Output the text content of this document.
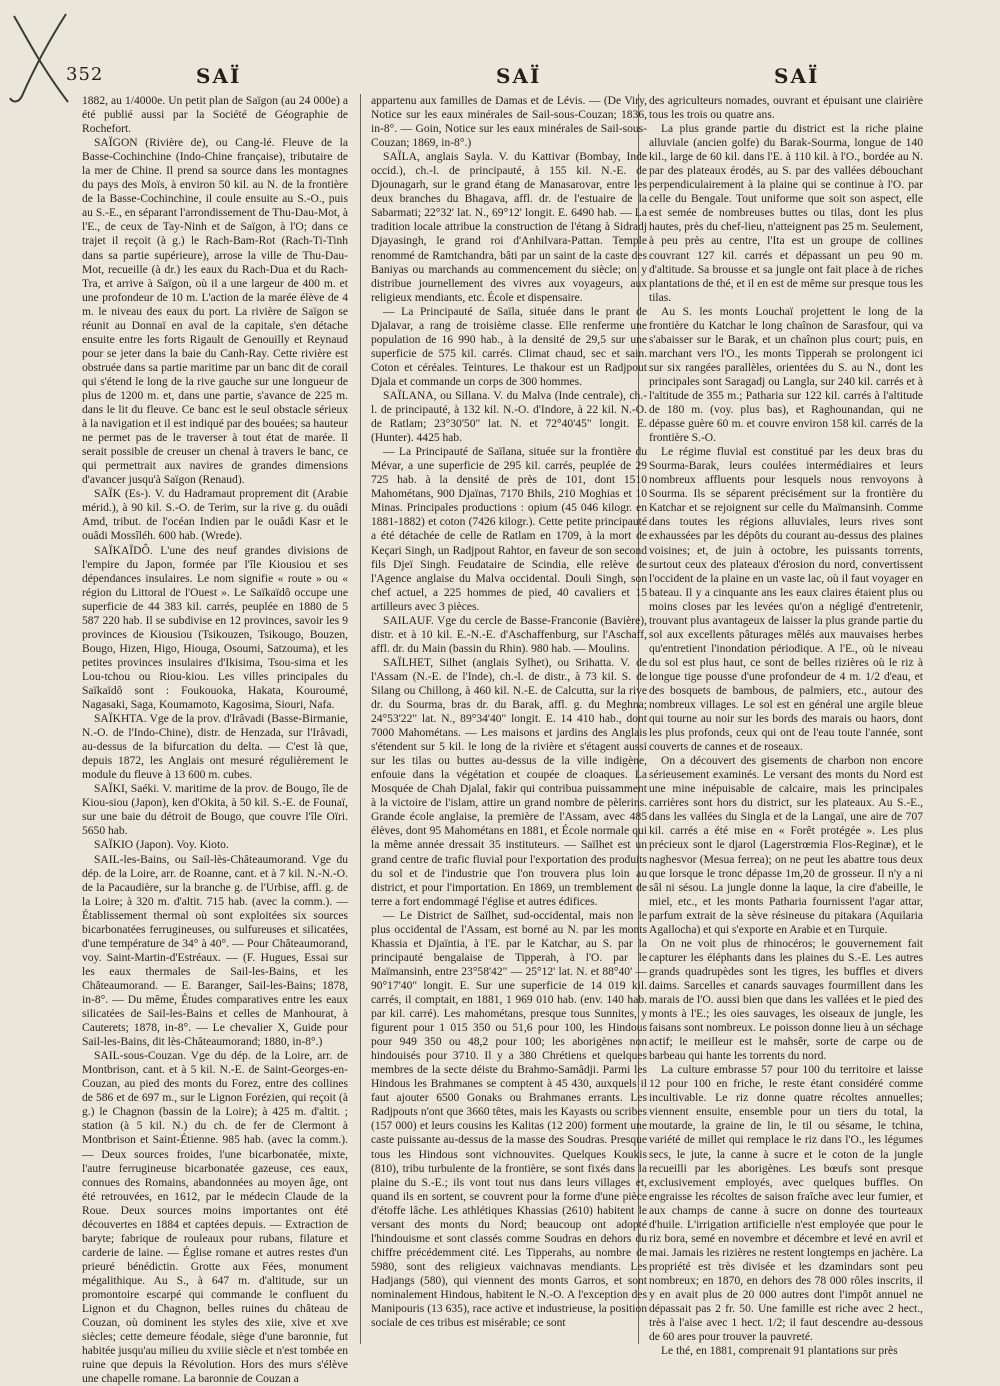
352	SAÏ	SAÏ	SAÏ

1882, au 1/4000e. Un petit plan de Saïgon (au 24 000e) a été publié aussi par la Société de Géographie de Rochefort.

SAÏGON (Rivière de), ou Cang-lé. Fleuve de la Basse-Cochinchine (Indo-Chine française), tributaire de la mer de Chine. Il prend sa source dans les montagnes du pays des Moïs, à environ 50 kil. au N. de la frontière de la Basse-Cochinchine, il coule ensuite au S.-O., puis au S.-E., en séparant l'arrondissement de Thu-Dau-Mot, à l'E., de ceux de Tay-Ninh et de Saïgon, à l'O; dans ce trajet il reçoit (à g.) le Rach-Bam-Rot (Rach-Ti-Tinh dans sa partie supérieure), arrose la ville de Thu-Dau-Mot, recueille (à dr.) les eaux du Rach-Dua et du Rach-Tra, et arrive à Saïgon, où il a une largeur de 400 m. et une profondeur de 10 m. L'action de la marée élève de 4 m. le niveau des eaux du port. La rivière de Saïgon se réunit au Donnaï en aval de la capitale, s'en détache ensuite entre les forts Rigault de Genouilly et Reynaud pour se jeter dans la baie du Canh-Ray. Cette rivière est obstruée dans sa partie maritime par un banc dit de corail qui s'étend le long de la rive gauche sur une longueur de plus de 1200 m. et, dans une partie, s'avance de 225 m. dans le lit du fleuve. Ce banc est le seul obstacle sérieux à la navigation et il est indiqué par des bouées; sa hauteur ne permet pas de le traverser à tout état de marée. Il serait possible de creuser un chenal à travers le banc, ce qui permettrait aux navires de grandes dimensions d'avancer jusqu'à Saïgon (Renaud).

SAÏK (Es-). V. du Hadramaut proprement dit (Arabie mérid.), à 90 kil. S.-O. de Terim, sur la rive g. du ouâdi Amd, tribut. de l'océan Indien par le ouâdi Kasr et le ouâdi Mossîléh. 600 hab. (Wrede).

SAÏKAÏDÔ. L'une des neuf grandes divisions de l'empire du Japon, formée par l'île Kiousiou et ses dépendances insulaires. Le nom signifie « route » ou « région du Littoral de l'Ouest ». Le Saïkaïdô occupe une superficie de 44 383 kil. carrés, peuplée en 1880 de 5 587 220 hab. Il se subdivise en 12 provinces, savoir les 9 provinces de Kiousiou (Tsikouzen, Tsikougo, Bouzen, Bougo, Hizen, Higo, Hiouga, Osoumi, Satzouma), et les petites provinces insulaires d'Ikisima, Tsou-sima et les Lou-tchou ou Riou-kiou. Les villes principales du Saïkaïdô sont : Foukouoka, Hakata, Kouroumé, Nagasaki, Saga, Koumamoto, Kagosima, Siouri, Nafa.

SAÏKHTA. Vge de la prov. d'Irâvadi (Basse-Birmanie, N.-O. de l'Indo-Chine), distr. de Henzada, sur l'Irâvadi, au-dessus de la bifurcation du delta. — C'est là que, depuis 1872, les Anglais ont mesuré régulièrement le module du fleuve à 13 600 m. cubes.

SAÏKI, Saéki. V. maritime de la prov. de Bougo, île de Kiou-siou (Japon), ken d'Okita, à 50 kil. S.-E. de Founaï, sur une baie du détroit de Bougo, que couvre l'île Oïri. 5650 hab.

SAÏKIO (Japon). Voy. Kioto.

SAIL-les-Bains, ou Sail-lès-Châteaumorand. Vge du dép. de la Loire, arr. de Roanne, cant. et à 7 kil. N.-N.-O. de la Pacaudière, sur la branche g. de l'Urbise, affl. g. de la Loire; à 320 m. d'altit. 715 hab. (avec la comm.). — Établissement thermal où sont exploitées six sources bicarbonatées ferrugineuses, ou sulfureuses et silicatées, d'une température de 34° à 40°. — Pour Châteaumorand, voy. Saint-Martin-d'Estréaux. — (F. Hugues, Essai sur les eaux thermales de Sail-les-Bains, et les Châteaumorand. — E. Baranger, Sail-les-Bains; 1878, in-8°. — Du même, Études comparatives entre les eaux silicatées de Sail-les-Bains et celles de Manhourat, à Cauterets; 1878, in-8°. — Le chevalier X, Guide pour Sail-les-Bains, dit lès-Châteaumorand; 1880, in-8°.)

SAIL-sous-Couzan. Vge du dép. de la Loire, arr. de Montbrison, cant. et à 5 kil. N.-E. de Saint-Georges-en-Couzan, au pied des monts du Forez, entre des collines de 586 et de 697 m., sur le Lignon Forézien, qui reçoit (à g.) le Chagnon (bassin de la Loire); à 425 m. d'altit. ; station (à 5 kil. N.) du ch. de fer de Clermont à Montbrison et Saint-Étienne. 985 hab. (avec la comm.). — Deux sources froides, l'une bicarbonatée, mixte, l'autre ferrugineuse bicarbonatée gazeuse, ces eaux, connues des Romains, abandonnées au moyen âge, ont été retrouvées, en 1612, par le médecin Claude de la Roue. Deux sources moins importantes ont été découvertes en 1884 et captées depuis. — Extraction de baryte; fabrique de rouleaux pour rubans, filature et carderie de laine. — Église romane et autres restes d'un prieuré bénédictin. Grotte aux Fées, monument mégalithique. Au S., à 647 m. d'altitude, sur un promontoire escarpé qui commande le confluent du Lignon et du Chagnon, belles ruines du château de Couzan, où dominent les styles des xiie, xive et xve siècles; cette demeure féodale, siège d'une baronnie, fut habitée jusqu'au milieu du xviiie siècle et n'est tombée en ruine que depuis la Révolution. Hors des murs s'élève une chapelle romane. La baronnie de Couzan a

appartenu aux familles de Damas et de Lévis. — (De Viry, Notice sur les eaux minérales de Sail-sous-Couzan; 1836, in-8°. — Goin, Notice sur les eaux minérales de Sail-sous-Couzan; 1869, in-8°.)

SAÏLA, anglais Sayla. V. du Kattivar (Bombay, Inde occid.), ch.-l. de principauté, à 155 kil. N.-E. de Djounagarh, sur le grand étang de Manasarovar, entre les deux branches du Bhagava, affl. dr. de l'estuaire de la Sabarmati; 22°32' lat. N., 69°12' longit. E. 6490 hab. — La tradition locale attribue la construction de l'étang à Sidradj Djayasingh, le grand roi d'Anhilvara-Pattan. Temple renommé de Ramtchandra, bâti par un saint de la caste des Baniyas ou marchands au commencement du siècle; on y distribue journellement des vivres aux voyageurs, aux religieux mendiants, etc. École et dispensaire.

— La Principauté de Saïla, située dans le prant de Djalavar, a rang de troisième classe. Elle renferme une population de 16 990 hab., à la densité de 29,5 sur une superficie de 575 kil. carrés. Climat chaud, sec et sain. Coton et céréales. Teintures. Le thakour est un Radjpout Djala et commande un corps de 300 hommes.

SAÏLANA, ou Sillana. V. du Malva (Inde centrale), ch.-l. de principauté, à 132 kil. N.-O. d'Indore, à 22 kil. N.-O. de Ratlam; 23°30'50" lat. N. et 72°40'45" longit. E. (Hunter). 4425 hab.

— La Principauté de Saïlana, située sur la frontière du Mévar, a une superficie de 295 kil. carrés, peuplée de 29 725 hab. à la densité de près de 101, dont 1510 Mahométans, 900 Djaïnas, 7170 Bhils, 210 Moghias et 10 Minas. Principales productions : opium (45 046 kilogr. en 1881-1882) et coton (7426 kilogr.). Cette petite principauté a été détachée de celle de Ratlam en 1709, à la mort de Keçari Singh, un Radjpout Rahtor, en faveur de son second fils Djeï Singh. Feudataire de Scindia, elle relève de l'Agence anglaise du Malva occidental. Douli Singh, son chef actuel, a 225 hommes de pied, 40 cavaliers et 15 artilleurs avec 3 pièces.

SAILAUF. Vge du cercle de Basse-Franconie (Bavière), distr. et à 10 kil. E.-N.-E. d'Aschaffenburg, sur l'Aschaff, affl. dr. du Main (bassin du Rhin). 980 hab. — Moulins.

SAÏLHET, Silhet (anglais Sylhet), ou Srihatta. V. de l'Assam (N.-E. de l'Inde), ch.-l. de distr., à 73 kil. S. de Silang ou Chillong, à 460 kil. N.-E. de Calcutta, sur la rive dr. du Sourma, bras dr. du Barak, affl. g. du Meghna; 24°53'22" lat. N., 89°34'40" longit. E. 14 410 hab., dont 7000 Mahométans. — Les maisons et jardins des Anglais s'étendent sur 5 kil. le long de la rivière et s'étagent aussi sur les tilas ou buttes au-dessus de la ville indigène, enfouie dans la végétation et coupée de cloaques. La Mosquée de Chah Djalal, fakir qui contribua puissamment à la victoire de l'islam, attire un grand nombre de pèlerins. Grande école anglaise, la première de l'Assam, avec 485 élèves, dont 95 Mahométans en 1881, et École normale qui la même année dressait 35 instituteurs. — Saïlhet est un grand centre de trafic fluvial pour l'exportation des produits du sol et de l'industrie que l'on trouvera plus loin au district, et pour l'importation. En 1869, un tremblement de terre a fort endommagé l'église et autres édifices.

— Le District de Saïlhet, sud-occidental, mais non le plus occidental de l'Assam, est borné au N. par les monts Khassia et Djaïntia, à l'E. par le Katchar, au S. par la principauté bengalaise de Tipperah, à l'O. par le Maïmansinh, entre 23°58'42" — 25°12' lat. N. et 88°40' — 90°17'40" longit. E. Sur une superficie de 14 019 kil. carrés, il comptait, en 1881, 1 969 010 hab. (env. 140 hab. par kil. carré). Les mahométans, presque tous Sunnites, y figurent pour 1 015 350 ou 51,6 pour 100, les Hindous pour 949 350 ou 48,2 pour 100; les aborigènes non hindouisés pour 3710. Il y a 380 Chrétiens et quelques membres de la secte déiste du Brahmo-Samâdji. Parmi les Hindous les Brahmanes se comptent à 45 430, auxquels il faut ajouter 6500 Gonaks ou Brahmanes errants. Les Radjpouts n'ont que 3660 têtes, mais les Kayasts ou scribes (157 000) et leurs cousins les Kalitas (12 200) forment une caste puissante au-dessus de la masse des Soudras. Presque tous les Hindous sont vichnouvites. Quelques Koukis (810), tribu turbulente de la frontière, se sont fixés dans la plaine du S.-E.; ils vont tout nus dans leurs villages et, quand ils en sortent, se couvrent pour la forme d'une pièce d'étoffe lâche. Les athlétiques Khassias (2610) habitent le versant des monts du Nord; beaucoup ont adopté l'hindouisme et sont classés comme Soudras en dehors du chiffre précédemment cité. Les Tipperahs, au nombre de 5980, sont des religieux vaichnavas mendiants. Les Hadjangs (580), qui viennent des monts Garros, et sont nominalement Hindous, habitent le N.-O. A l'exception des Manipouris (13 635), race active et industrieuse, la position sociale de ces tribus est misérable; ce sont

des agriculteurs nomades, ouvrant et épuisant une clairière tous les trois ou quatre ans.

La plus grande partie du district est la riche plaine alluviale (ancien golfe) du Barak-Sourma, longue de 140 kil., large de 60 kil. dans l'E. à 110 kil. à l'O., bordée au N. par des plateaux érodés, au S. par des vallées débouchant perpendiculairement à la plaine qui se continue à l'O. par celle du Bengale. Tout uniforme que soit son aspect, elle est semée de nombreuses buttes ou tilas, dont les plus hautes, près du chef-lieu, n'atteignent pas 25 m. Seulement, à peu près au centre, l'Ita est un groupe de collines couvrant 127 kil. carrés et dépassant un peu 90 m. d'altitude. Sa brousse et sa jungle ont fait place à de riches plantations de thé, et il en est de même sur presque tous les tilas.

Au S. les monts Louchaï projettent le long de la frontière du Katchar le long chaînon de Sarasfour, qui va s'abaisser sur le Barak, et un chaînon plus court; puis, en marchant vers l'O., les monts Tipperah se prolongent ici sur six rangées parallèles, orientées du S. au N., dont les principales sont Saragadj ou Langla, sur 240 kil. carrés et à l'altitude de 355 m.; Patharia sur 122 kil. carrés à l'altitude de 180 m. (voy. plus bas), et Raghounandan, qui ne dépasse guère 60 m. et couvre environ 158 kil. carrés de la frontière S.-O.

Le régime fluvial est constitué par les deux bras du Sourma-Barak, leurs coulées intermédiaires et leurs nombreux affluents pour lesquels nous renvoyons à Sourma. Ils se séparent précisément sur la frontière du Katchar et se rejoignent sur celle du Maïmansinh. Comme dans toutes les régions alluviales, leurs rives sont exhaussées par les dépôts du courant au-dessus des plaines voisines; et, de juin à octobre, les puissants torrents, surtout ceux des plateaux d'érosion du nord, convertissent l'occident de la plaine en un vaste lac, où il faut voyager en bateau. Il y a cinquante ans les eaux claires étaient plus ou moins closes par les levées qu'on a négligé d'entretenir, trouvant plus avantageux de laisser la plus grande partie du sol aux excellents pâturages mêlés aux mauvaises herbes qu'entretient l'inondation périodique. A l'E., où le niveau du sol est plus haut, ce sont de belles rizières où le riz à longue tige pousse d'une profondeur de 4 m. 1/2 d'eau, et des bosquets de bambous, de palmiers, etc., autour des nombreux villages. Le sol est en général une argile bleue qui tourne au noir sur les bords des marais ou haors, dont les plus profonds, ceux qui ont de l'eau toute l'année, sont couverts de cannes et de roseaux.

On a découvert des gisements de charbon non encore sérieusement examinés. Le versant des monts du Nord est une mine inépuisable de calcaire, mais les principales carrières sont hors du district, sur les plateaux. Au S.-E., dans les vallées du Singla et de la Langaï, une aire de 707 kil. carrés a été mise en « Forêt protégée ». Les plus précieux sont le djarol (Lagerstrœmia Flos-Reginæ), et le naghesvor (Mesua ferrea); on ne peut les abattre tous deux que lorsque le tronc dépasse 1m,20 de grosseur. Il n'y a ni sâl ni sésou. La jungle donne la laque, la cire d'abeille, le miel, etc., et les monts Patharia fournissent l'agar attar, parfum extrait de la sève résineuse du pitakara (Aquilaria Agallocha) et qui s'exporte en Arabie et en Turquie.

On ne voit plus de rhinocéros; le gouvernement fait capturer les éléphants dans les plaines du S.-E. Les autres grands quadrupèdes sont les tigres, les buffles et divers daims. Sarcelles et canards sauvages fourmillent dans les marais de l'O. aussi bien que dans les vallées et le pied des monts à l'E.; les oies sauvages, les oiseaux de jungle, les faisans sont nombreux. Le poisson donne lieu à un séchage actif; le meilleur est le mahsêr, sorte de carpe ou de barbeau qui hante les torrents du nord.

La culture embrasse 57 pour 100 du territoire et laisse 12 pour 100 en friche, le reste étant considéré comme incultivable. Le riz donne quatre récoltes annuelles; viennent ensuite, ensemble pour un tiers du total, la moutarde, la graine de lin, le til ou sésame, le tchina, variété de millet qui remplace le riz dans l'O., les légumes secs, le jute, la canne à sucre et le coton de la jungle recueilli par les aborigènes. Les bœufs sont presque exclusivement employés, avec quelques buffles. On engraisse les récoltes de saison fraîche avec leur fumier, et aux champs de canne à sucre on donne des tourteaux d'huile. L'irrigation artificielle n'est employée que pour le riz bora, semé en novembre et décembre et levé en avril et mai. Jamais les rizières ne restent longtemps en jachère. La propriété est très divisée et les dzamindars sont peu nombreux; en 1870, en dehors des 78 000 rôles inscrits, il y en avait plus de 20 000 autres dont l'impôt annuel ne dépassait pas 2 fr. 50. Une famille est riche avec 2 hect., très à l'aise avec 1 hect. 1/2; il faut descendre au-dessous de 60 ares pour trouver la pauvreté.

Le thé, en 1881, comprenait 91 plantations sur près
